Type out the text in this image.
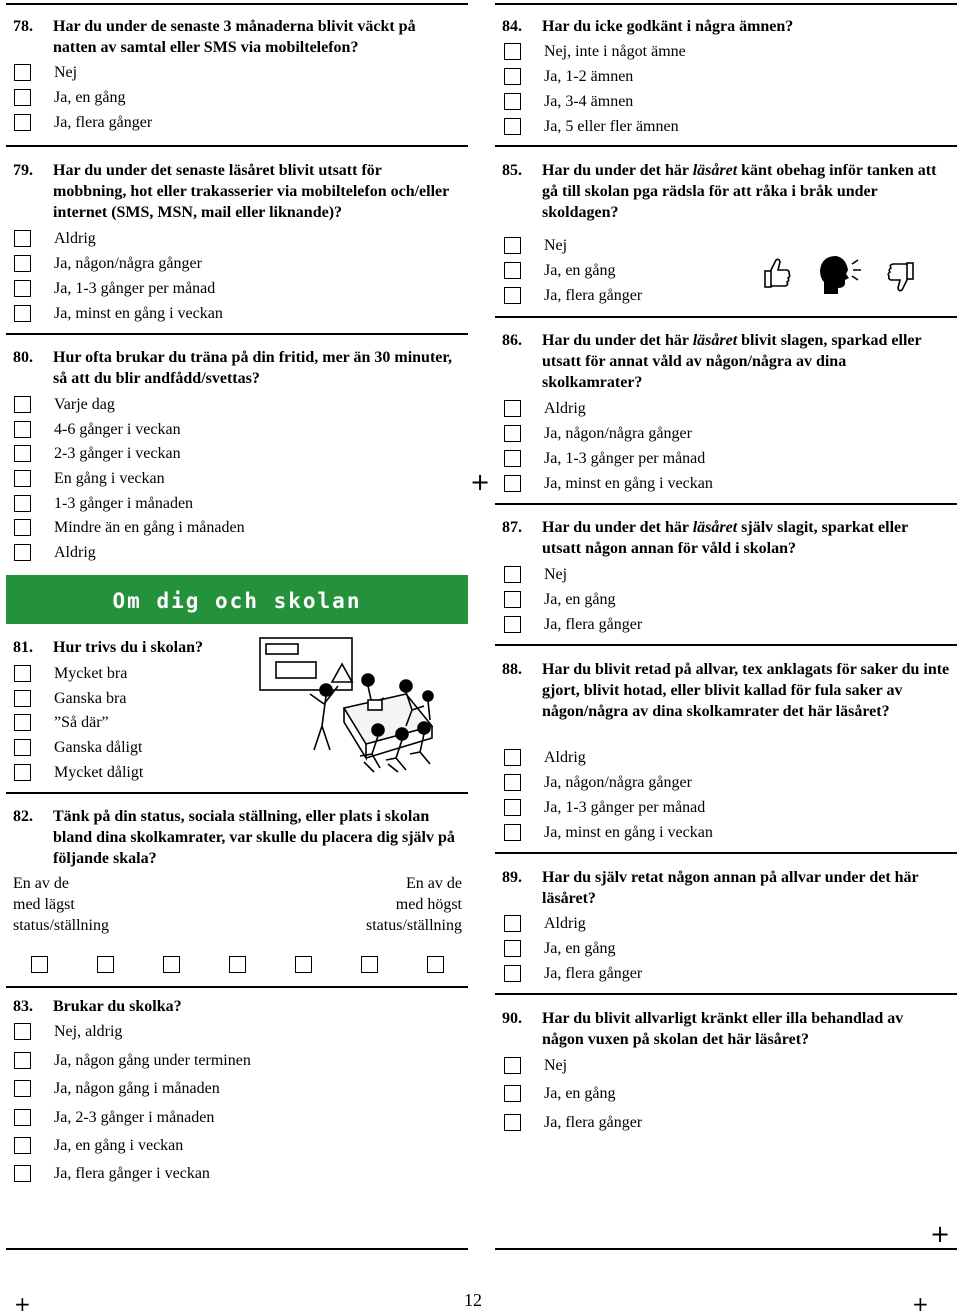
78. Har du under de senaste 3 månaderna blivit väckt på natten av samtal eller SMS via mobiltelefon?
Nej
Ja, en gång
Ja, flera gånger
79. Har du under det senaste läsåret blivit utsatt för mobbning, hot eller trakasserier via mobiltelefon och/eller internet (SMS, MSN, mail eller liknande)?
Aldrig
Ja, någon/några gånger
Ja, 1-3 gånger per månad
Ja, minst en gång i veckan
80. Hur ofta brukar du träna på din fritid, mer än 30 minuter, så att du blir andfådd/svettas?
Varje dag
4-6 gånger i veckan
2-3 gånger i veckan
En gång i veckan
1-3 gånger i månaden
Mindre än en gång i månaden
Aldrig
Om dig och skolan
81. Hur trivs du i skolan?
Mycket bra
Ganska bra
”Så där”
Ganska dåligt
Mycket dåligt
82. Tänk på din status, sociala ställning, eller plats i skolan bland dina skolkamrater, var skulle du placera dig själv på följande skala?
En av de
med lägst
status/ställning
En av de
med högst
status/ställning
83. Brukar du skolka?
Nej, aldrig
Ja, någon gång under terminen
Ja, någon gång i månaden
Ja, 2-3 gånger i månaden
Ja, en gång i veckan
Ja, flera gånger i veckan
+
84. Har du icke godkänt i några ämnen?
Nej, inte i något ämne
Ja, 1-2 ämnen
Ja, 3-4 ämnen
Ja, 5 eller fler ämnen
85. Har du under det här läsåret känt obehag inför tanken att gå till skolan pga rädsla för att råka i bråk under skoldagen?
Nej
Ja, en gång
Ja, flera gånger
86. Har du under det här läsåret blivit slagen, sparkad eller utsatt för annat våld av någon/några av dina skolkamrater?
Aldrig
Ja, någon/några gånger
Ja, 1-3 gånger per månad
Ja, minst en gång i veckan
87. Har du under det här läsåret själv slagit, sparkat eller utsatt någon annan för våld i skolan?
Nej
Ja, en gång
Ja, flera gånger
88. Har du blivit retad på allvar, tex anklagats för saker du inte gjort, blivit hotad, eller blivit kallad för fula saker av någon/några av dina skolkamrater det här läsåret?
Aldrig
Ja, någon/några gånger
Ja, 1-3 gånger per månad
Ja, minst en gång i veckan
89. Har du själv retat någon annan på allvar under det här läsåret?
Aldrig
Ja, en gång
Ja, flera gånger
90. Har du blivit allvarligt kränkt eller illa behandlad av någon vuxen på skolan det här läsåret?
Nej
Ja, en gång
Ja, flera gånger
+
+	12	+
